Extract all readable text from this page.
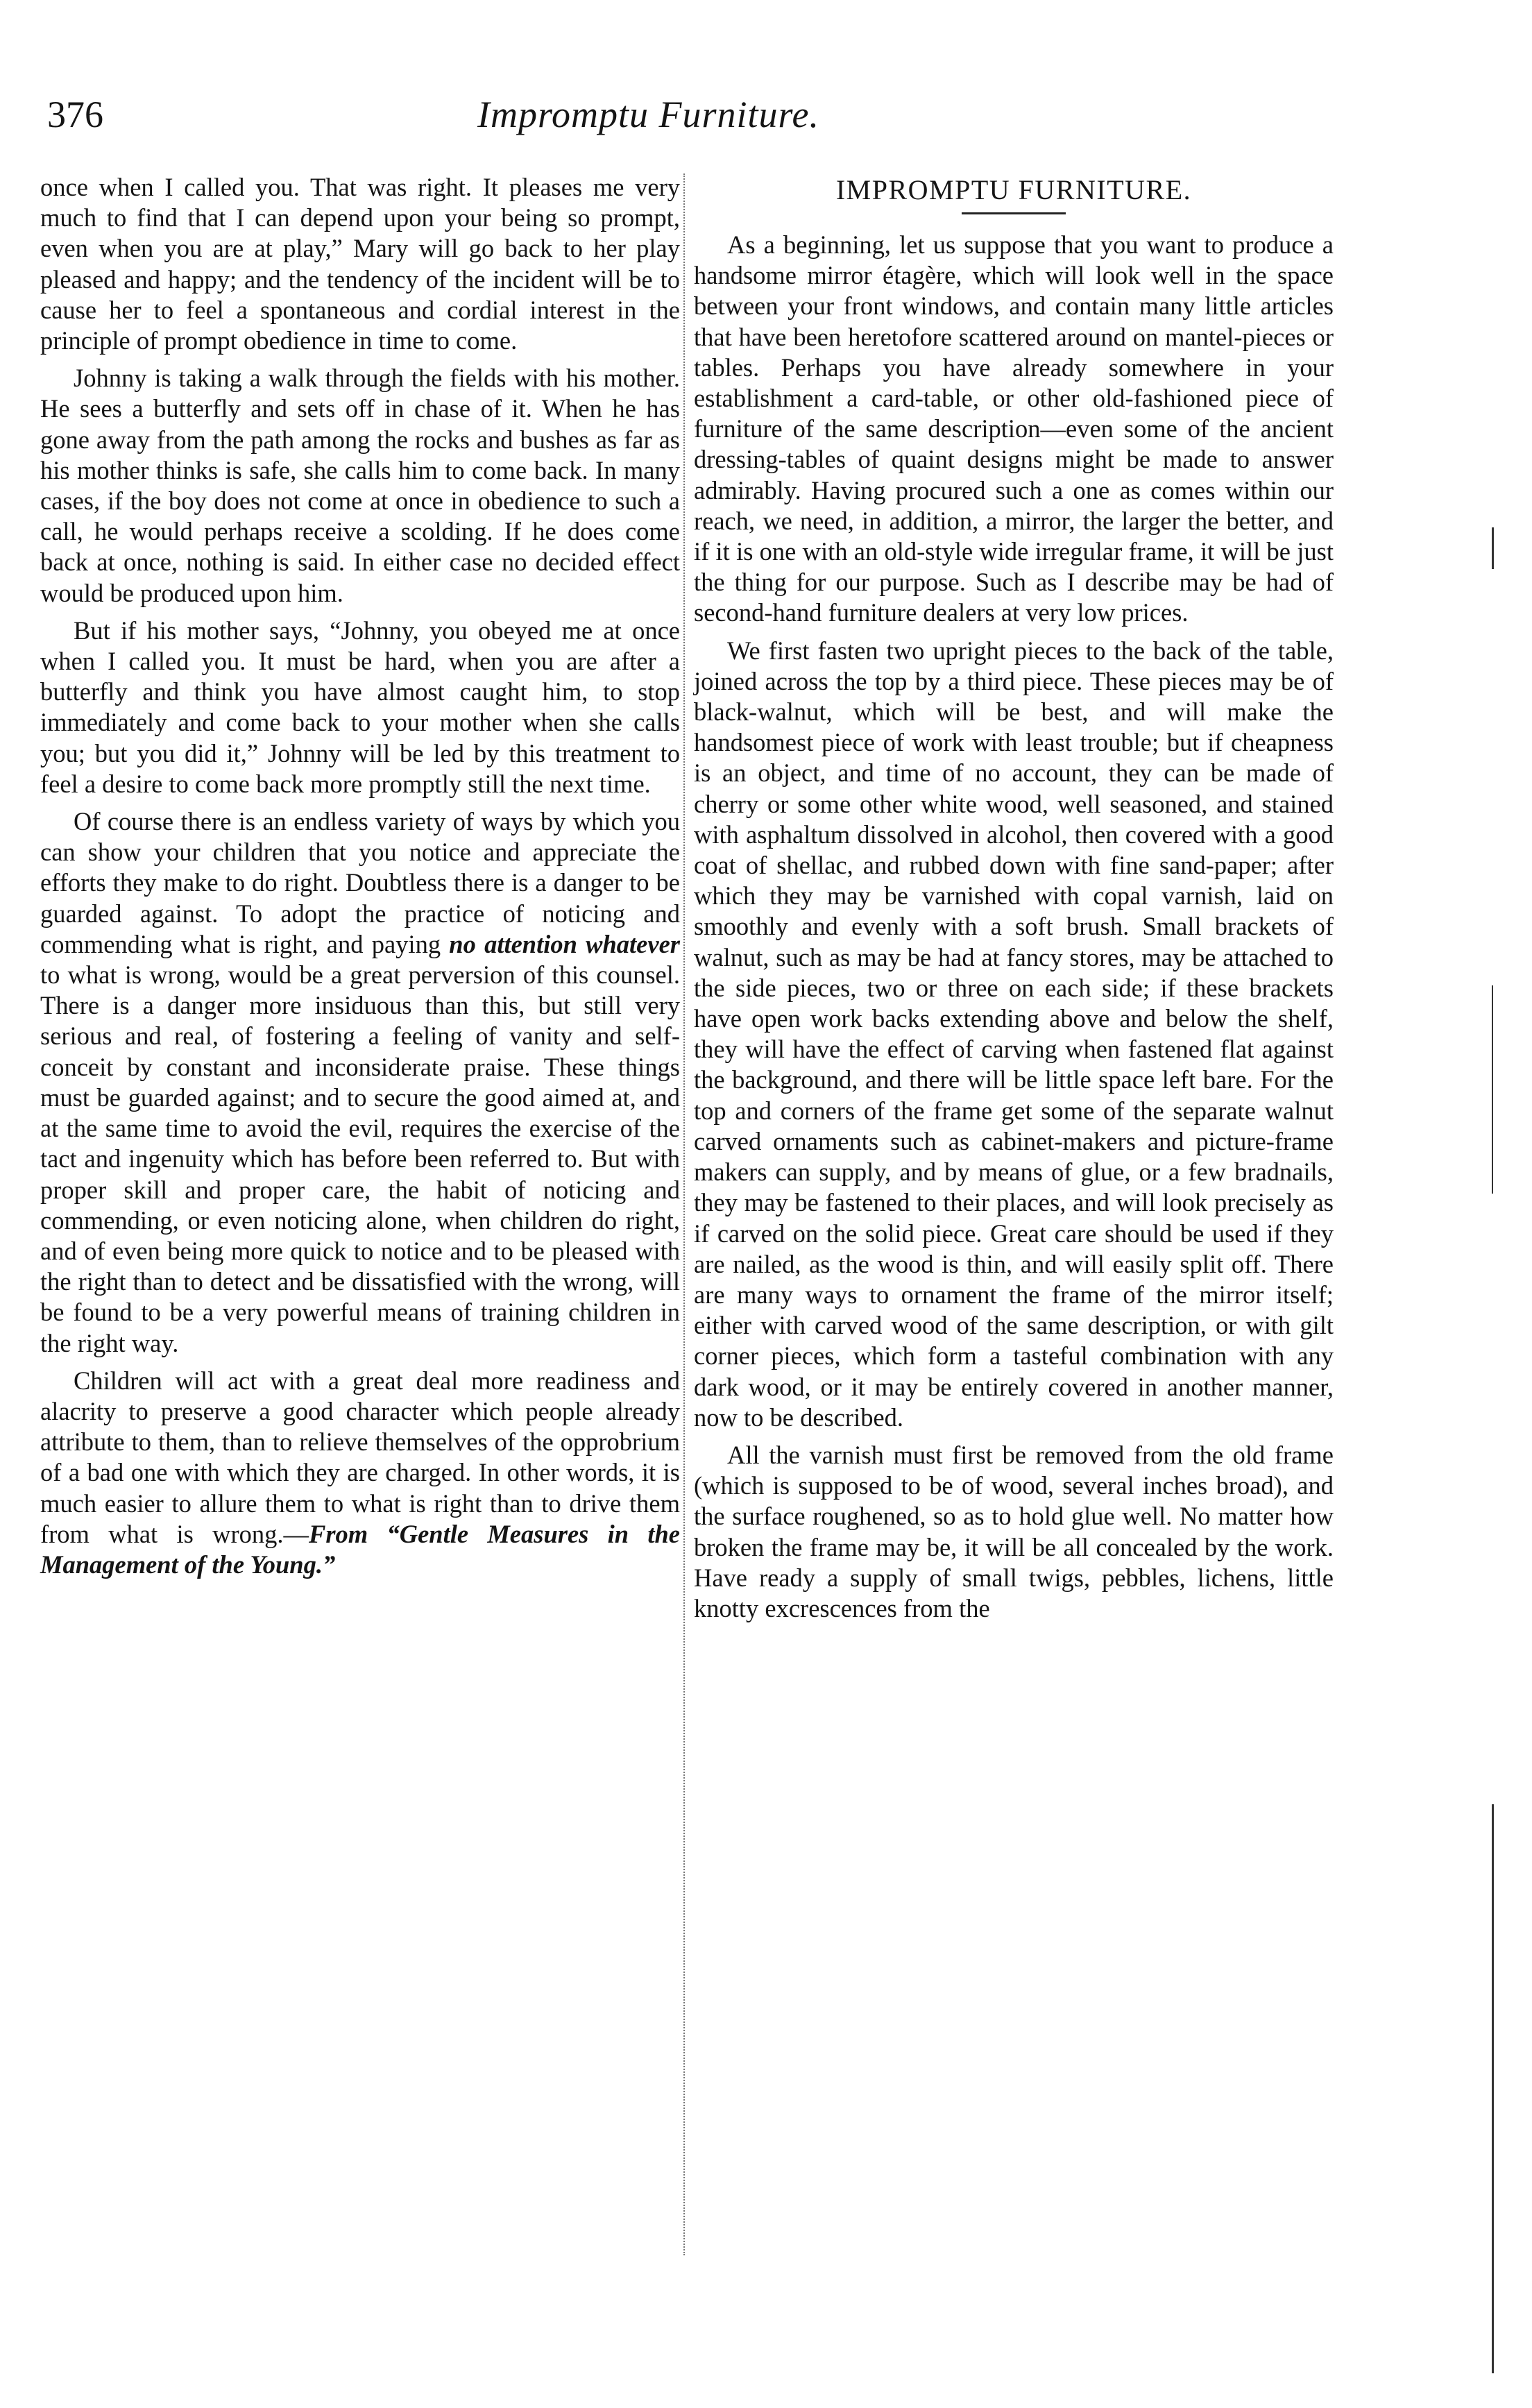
376	Impromptu Furniture.

once when I called you. That was right. It pleases me very much to find that I can depend upon your being so prompt, even when you are at play,” Mary will go back to her play pleased and happy; and the tendency of the incident will be to cause her to feel a spontaneous and cordial interest in the principle of prompt obedience in time to come.

Johnny is taking a walk through the fields with his mother. He sees a butterfly and sets off in chase of it. When he has gone away from the path among the rocks and bushes as far as his mother thinks is safe, she calls him to come back. In many cases, if the boy does not come at once in obedience to such a call, he would perhaps receive a scolding. If he does come back at once, nothing is said. In either case no decided effect would be produced upon him.

But if his mother says, “Johnny, you obeyed me at once when I called you. It must be hard, when you are after a butterfly and think you have almost caught him, to stop immediately and come back to your mother when she calls you; but you did it,” Johnny will be led by this treatment to feel a desire to come back more promptly still the next time.

Of course there is an endless variety of ways by which you can show your children that you notice and appreciate the efforts they make to do right. Doubtless there is a danger to be guarded against. To adopt the practice of noticing and commending what is right, and paying no attention whatever to what is wrong, would be a great perversion of this counsel. There is a danger more insiduous than this, but still very serious and real, of fostering a feeling of vanity and self-conceit by constant and inconsiderate praise. These things must be guarded against; and to secure the good aimed at, and at the same time to avoid the evil, requires the exercise of the tact and ingenuity which has before been referred to. But with proper skill and proper care, the habit of noticing and commending, or even noticing alone, when children do right, and of even being more quick to notice and to be pleased with the right than to detect and be dissatisfied with the wrong, will be found to be a very powerful means of training children in the right way.

Children will act with a great deal more readiness and alacrity to preserve a good character which people already attribute to them, than to relieve themselves of the opprobrium of a bad one with which they are charged. In other words, it is much easier to allure them to what is right than to drive them from what is wrong.—From “Gentle Measures in the Management of the Young.”

IMPROMPTU FURNITURE.

As a beginning, let us suppose that you want to produce a handsome mirror étagère, which will look well in the space between your front windows, and contain many little articles that have been heretofore scattered around on mantel-pieces or tables. Perhaps you have already somewhere in your establishment a card-table, or other old-fashioned piece of furniture of the same description—even some of the ancient dressing-tables of quaint designs might be made to answer admirably. Having procured such a one as comes within our reach, we need, in addition, a mirror, the larger the better, and if it is one with an old-style wide irregular frame, it will be just the thing for our purpose. Such as I describe may be had of second-hand furniture dealers at very low prices.

We first fasten two upright pieces to the back of the table, joined across the top by a third piece. These pieces may be of black-walnut, which will be best, and will make the handsomest piece of work with least trouble; but if cheapness is an object, and time of no account, they can be made of cherry or some other white wood, well seasoned, and stained with asphaltum dissolved in alcohol, then covered with a good coat of shellac, and rubbed down with fine sand-paper; after which they may be varnished with copal varnish, laid on smoothly and evenly with a soft brush. Small brackets of walnut, such as may be had at fancy stores, may be attached to the side pieces, two or three on each side; if these brackets have open work backs extending above and below the shelf, they will have the effect of carving when fastened flat against the background, and there will be little space left bare. For the top and corners of the frame get some of the separate walnut carved ornaments such as cabinet-makers and picture-frame makers can supply, and by means of glue, or a few bradnails, they may be fastened to their places, and will look precisely as if carved on the solid piece. Great care should be used if they are nailed, as the wood is thin, and will easily split off. There are many ways to ornament the frame of the mirror itself; either with carved wood of the same description, or with gilt corner pieces, which form a tasteful combination with any dark wood, or it may be entirely covered in another manner, now to be described.

All the varnish must first be removed from the old frame (which is supposed to be of wood, several inches broad), and the surface roughened, so as to hold glue well. No matter how broken the frame may be, it will be all concealed by the work. Have ready a supply of small twigs, pebbles, lichens, little knotty excrescences from the
